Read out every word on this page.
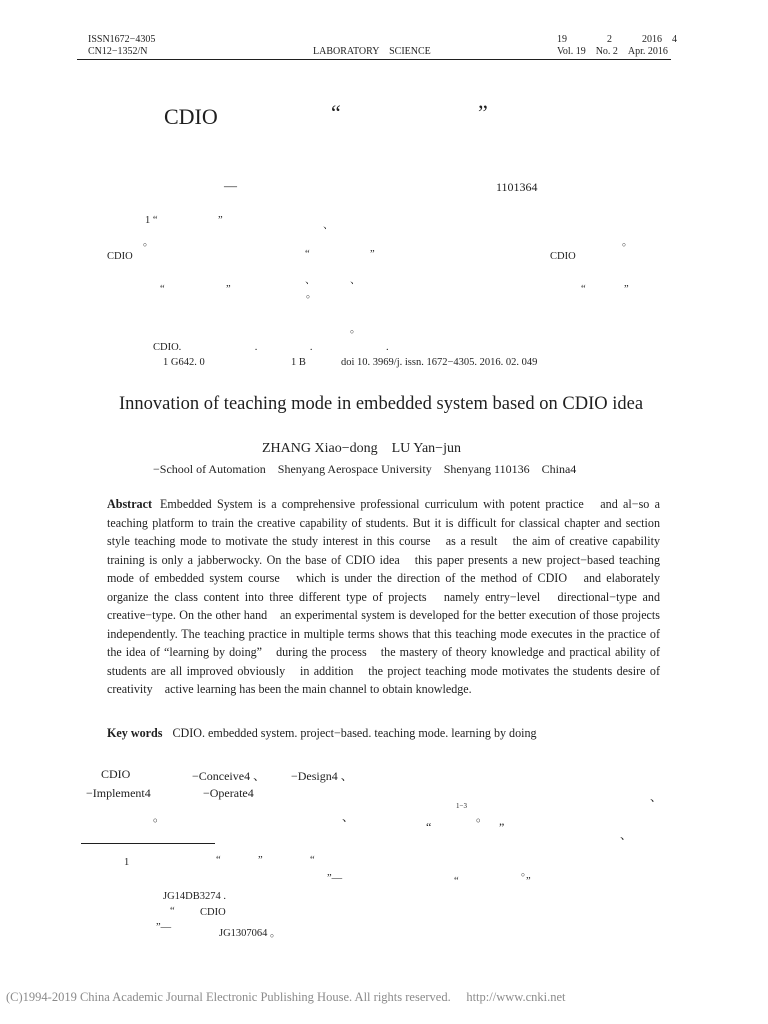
ISSN1672−4305
CN12−1352/N	LABORATORY　SCIENCE
19　　　　2　　　2016　4
Vol. 19　No. 2　Apr. 2016
CDIO	“	”
—	1101364
1 “	”	、
。	。
CDIO	“	”	CDIO
、	、
“	”	。	“	”
。
CDIO.　　　　　　　.　　　　　.　　　　　　　.
1 G642. 0	1 B	doi 10. 3969/j. issn. 1672−4305. 2016. 02. 049
Innovation of teaching mode in embedded system based on CDIO idea
ZHANG Xiao−dong　LU Yan−jun
−School of Automation　Shenyang Aerospace University　Shenyang 110136　China4
Abstract Embedded System is a comprehensive professional curriculum with potent practice　and al−so a teaching platform to train the creative capability of students. But it is difficult for classical chapter and section style teaching mode to motivate the study interest in this course　as a result　the aim of creative capability training is only a jabberwocky. On the base of CDIO idea　this paper presents a new project−based teaching mode of embedded system course　which is under the direction of the method of CDIO　and elaborately organize the class content into three different type of projects　namely entry−level　directional−type and creative−type. On the other hand　an experimental system is developed for the better execution of those projects independently. The teaching practice in multiple terms shows that this teaching mode executes in the practice of the idea of “learning by doing”　during the process　the mastery of theory knowledge and practical ability of students are all improved obviously　in addition　the project teaching mode motivates the students desire of creativity　active learning has been the main channel to obtain knowledge.
Key words CDIO. embedded system. project−based. teaching mode. learning by doing
CDIO	−Conceive4 、 −Design4 、
−Implement4	−Operate4	、
。	、
1−3
。
“	”
、
1	“	”	“
。
”—	“	”
JG14DB3274 .
“ CDIO
”—
JG1307064 。
(C)1994-2019 China Academic Journal Electronic Publishing House. All rights reserved.　 http://www.cnki.net
